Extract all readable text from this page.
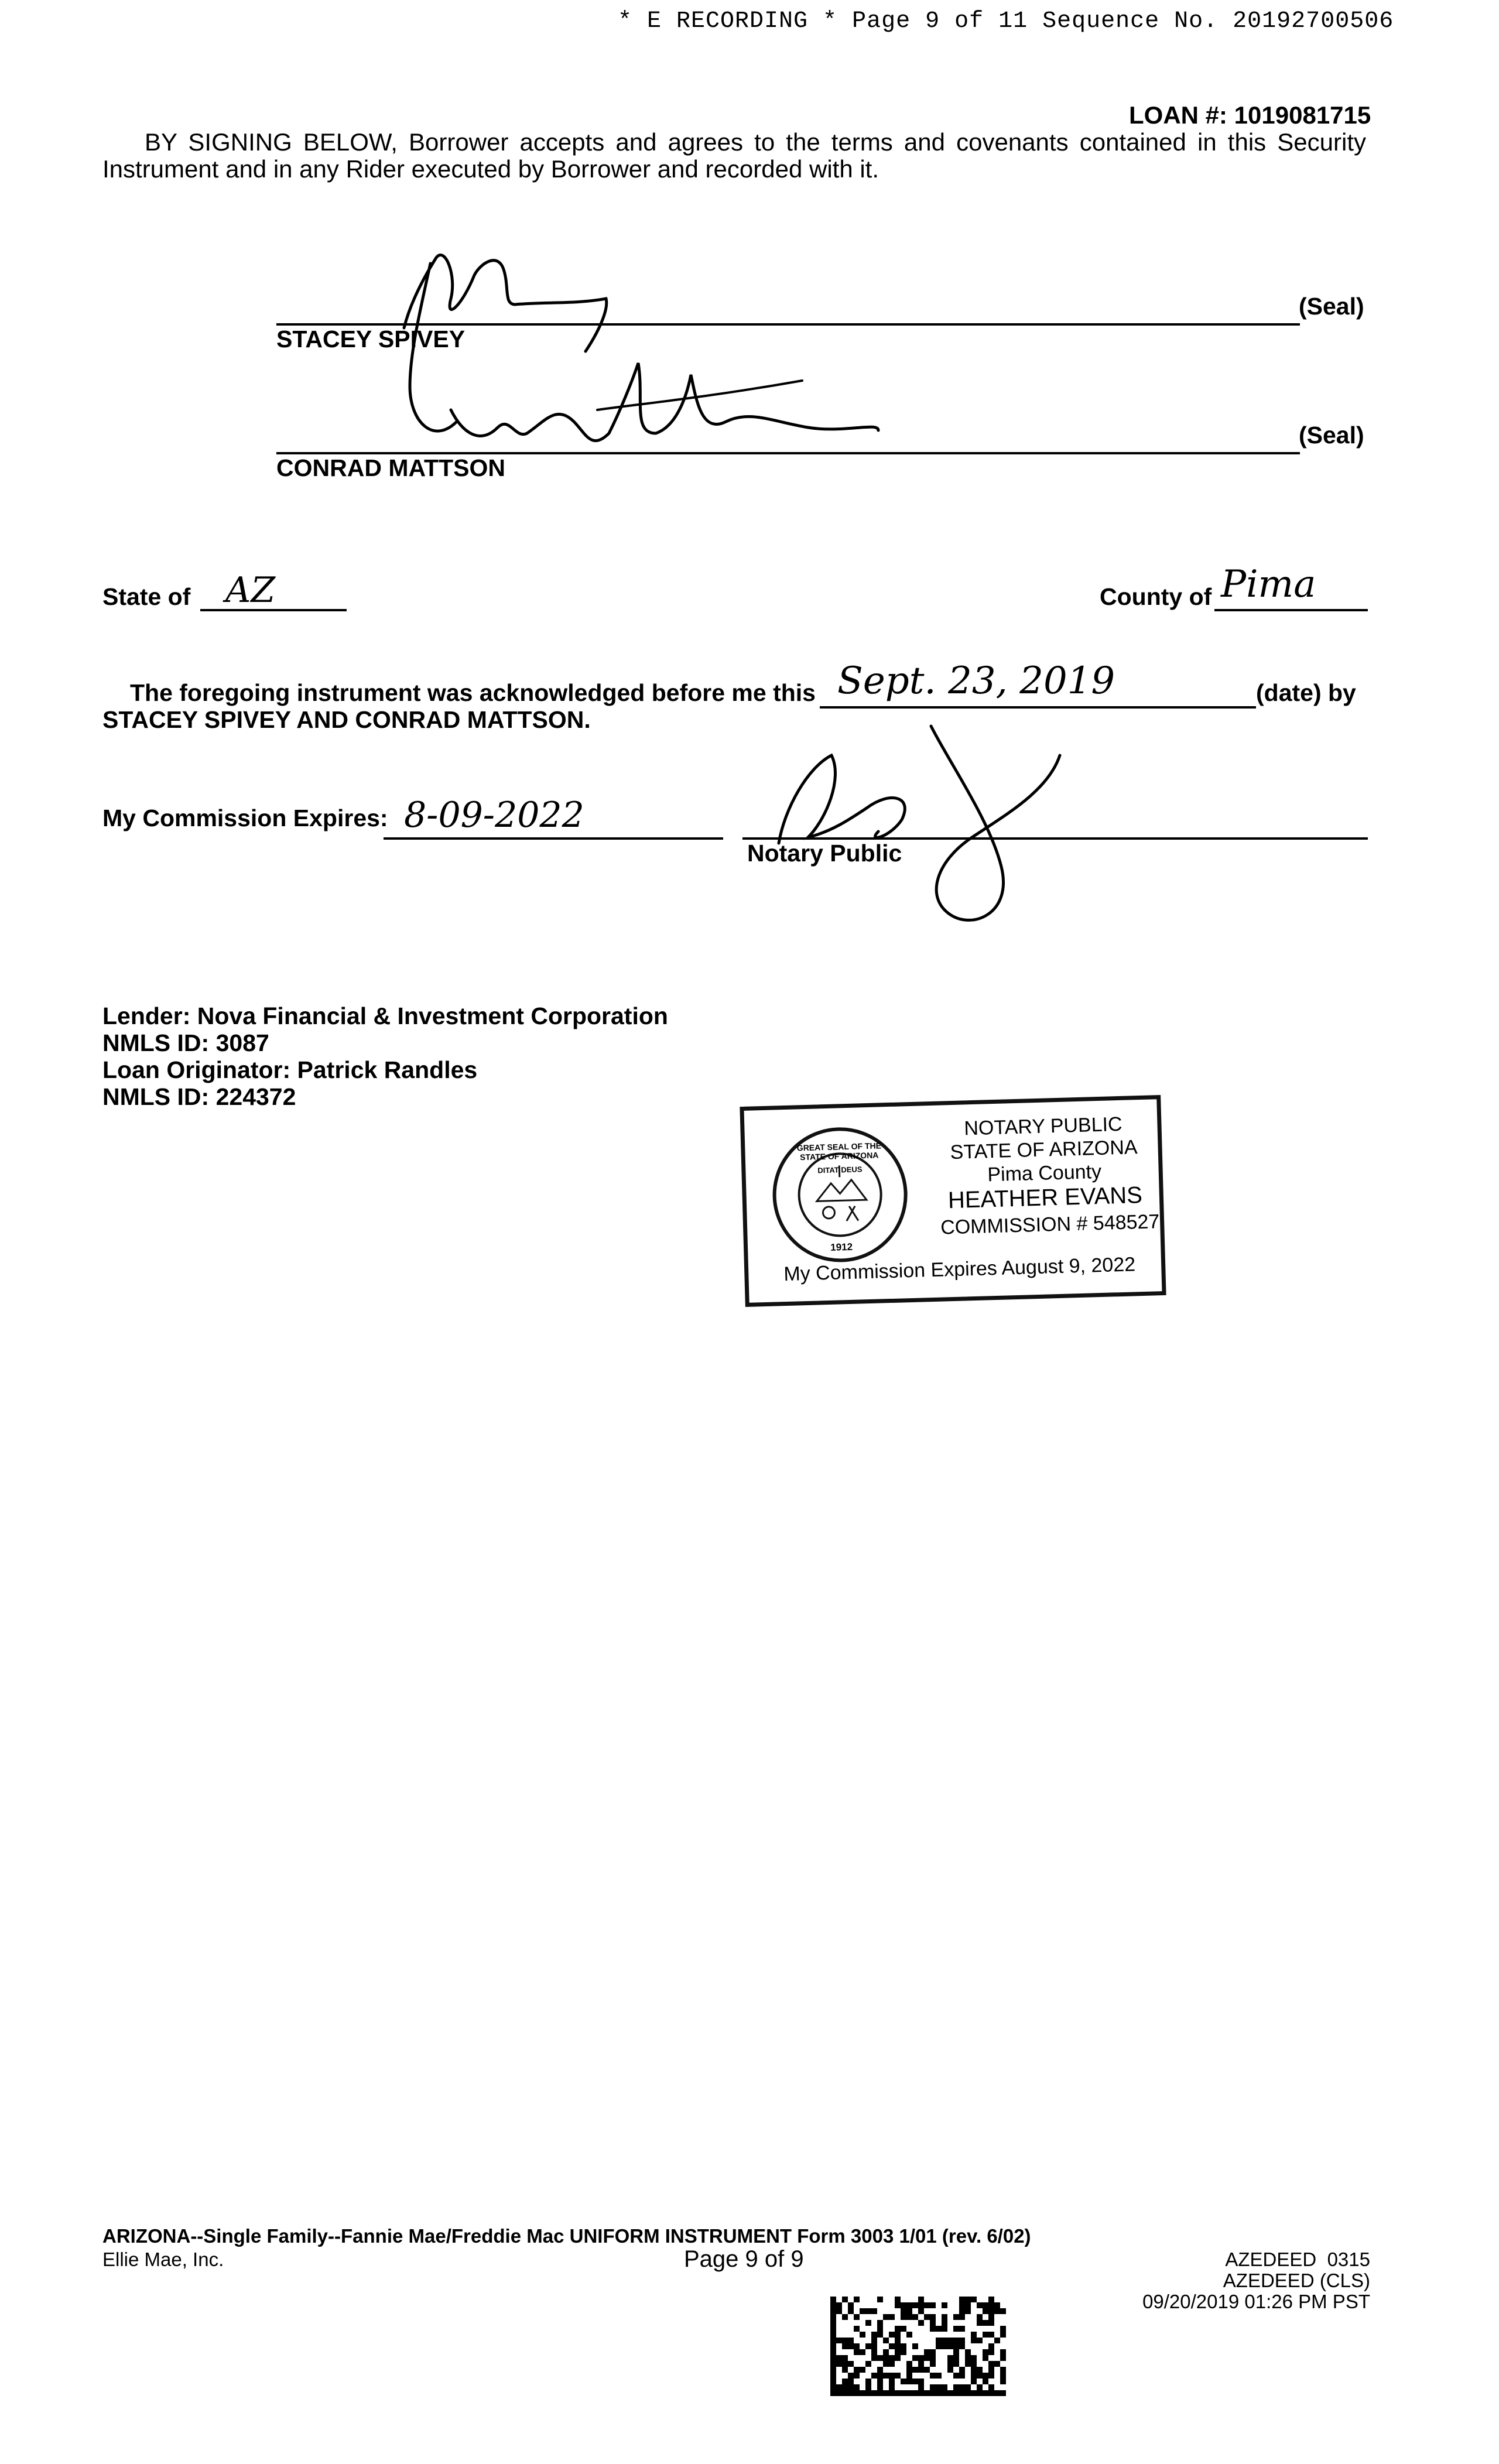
* E RECORDING * Page 9 of 11 Sequence No. 20192700506
LOAN #: 1019081715
BY SIGNING BELOW, Borrower accepts and agrees to the terms and covenants contained in this Security Instrument and in any Rider executed by Borrower and recorded with it.
(Seal)
STACEY SPIVEY
(Seal)
CONRAD MATTSON
State of AZ	County of Pima
The foregoing instrument was acknowledged before me this Sept. 23, 2019	(date) by
STACEY SPIVEY AND CONRAD MATTSON.
My Commission Expires: 8-09-2022
Notary Public
Lender: Nova Financial & Investment Corporation
NMLS ID: 3087
Loan Originator: Patrick Randles
NMLS ID: 224372
GREAT SEAL OF THE STATE OF ARIZONA
DITAT DEUS
1912
NOTARY PUBLIC
STATE OF ARIZONA
Pima County
HEATHER EVANS
COMMISSION # 548527
My Commission Expires August 9, 2022
ARIZONA--Single Family--Fannie Mae/Freddie Mac UNIFORM INSTRUMENT Form 3003 1/01 (rev. 6/02)
Ellie Mae, Inc.	Page 9 of 9	AZEDEED  0315
AZEDEED (CLS)
09/20/2019 01:26 PM PST
